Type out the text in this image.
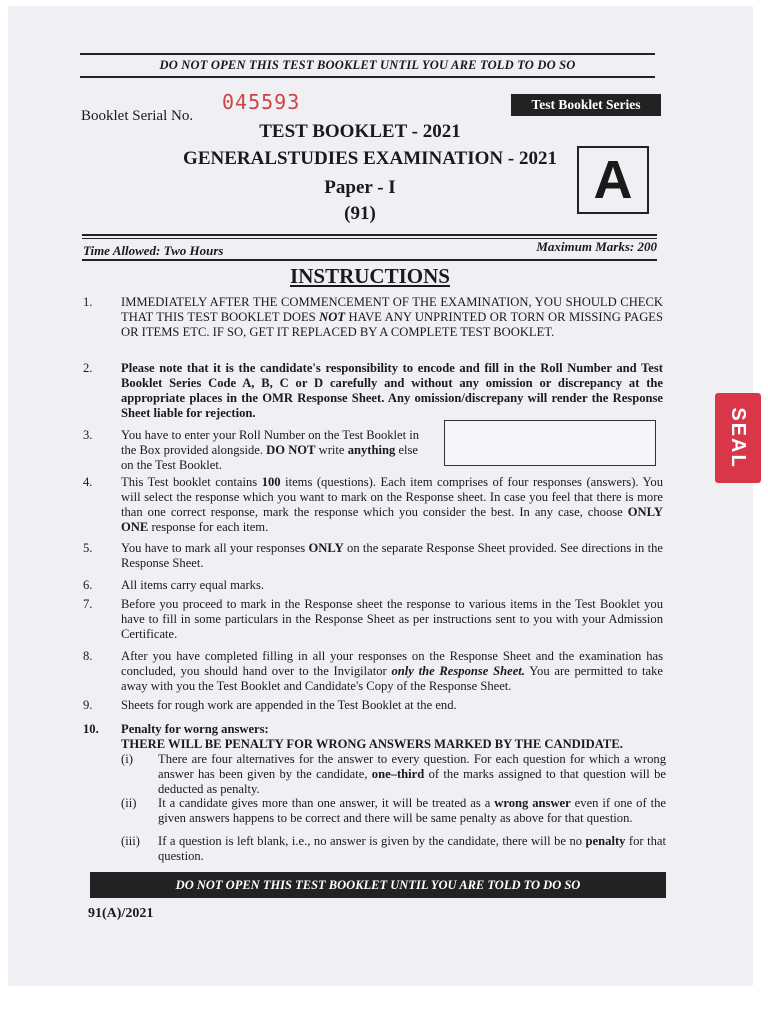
DO NOT OPEN THIS TEST BOOKLET UNTIL YOU ARE TOLD TO DO SO
Booklet Serial No.
045593	Test Booklet Series
TEST BOOKLET - 2021
GENERALSTUDIES EXAMINATION - 2021
Paper - I
(91)
A
Time Allowed: Two Hours	Maximum Marks: 200
INSTRUCTIONS
1.	IMMEDIATELY AFTER THE COMMENCEMENT OF THE EXAMINATION, YOU SHOULD CHECK THAT THIS TEST BOOKLET DOES NOT HAVE ANY UNPRINTED OR TORN OR MISSING PAGES OR ITEMS ETC. IF SO, GET IT REPLACED BY A COMPLETE TEST BOOKLET.
2.	Please note that it is the candidate's responsibility to encode and fill in the Roll Number and Test Booklet Series Code A, B, C or D carefully and without any omission or discrepancy at the appropriate places in the OMR Response Sheet. Any omission/discrepany will render the Response Sheet liable for rejection.
3.	You have to enter your Roll Number on the Test Booklet in the Box provided alongside. DO NOT write anything else on the Test Booklet.
4.	This Test booklet contains 100 items (questions). Each item comprises of four responses (answers). You will select the response which you want to mark on the Response sheet. In case you feel that there is more than one correct response, mark the response which you consider the best. In any case, choose ONLY ONE response for each item.
5.	You have to mark all your responses ONLY on the separate Response Sheet provided. See directions in the Response Sheet.
6.	All items carry equal marks.
7.	Before you proceed to mark in the Response sheet the response to various items in the Test Booklet you have to fill in some particulars in the Response Sheet as per instructions sent to you with your Admission Certificate.
8.	After you have completed filling in all your responses on the Response Sheet and the examination has concluded, you should hand over to the Invigilator only the Response Sheet. You are permitted to take away with you the Test Booklet and Candidate's Copy of the Response Sheet.
9.	Sheets for rough work are appended in the Test Booklet at the end.
10.	Penalty for worng answers:
THERE WILL BE PENALTY FOR WRONG ANSWERS MARKED BY THE CANDIDATE.
(i) There are four alternatives for the answer to every question. For each question for which a wrong answer has been given by the candidate, one–third of the marks assigned to that question will be deducted as penalty.
(ii) It a candidate gives more than one answer, it will be treated as a wrong answer even if one of the given answers happens to be correct and there will be same penalty as above for that question.
(iii) If a question is left blank, i.e., no answer is given by the candidate, there will be no penalty for that question.
DO NOT OPEN THIS TEST BOOKLET UNTIL YOU ARE TOLD TO DO SO
91(A)/2021
SEAL
